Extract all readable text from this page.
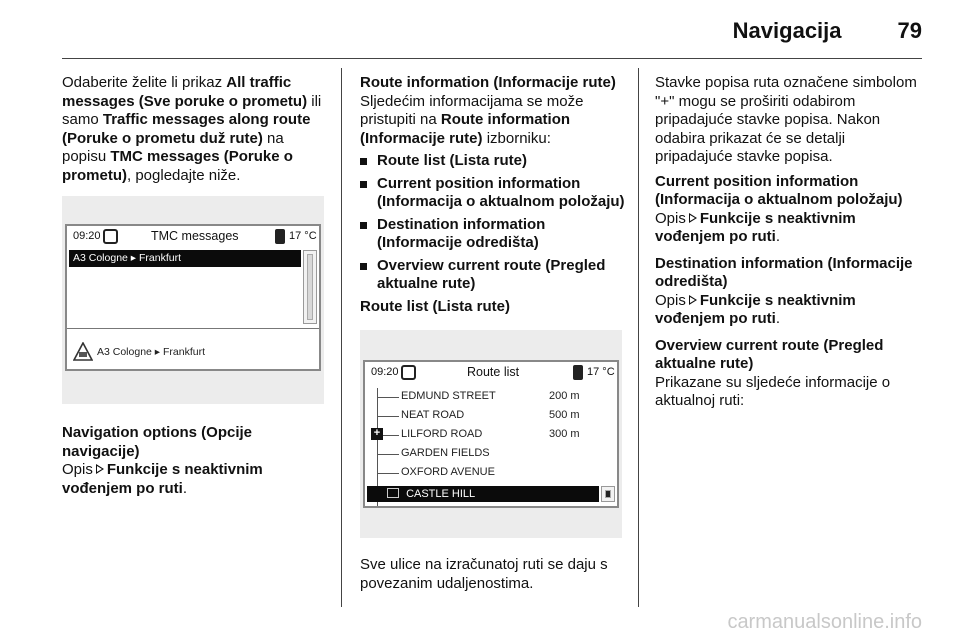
Navigacija	79

Odaberite želite li prikaz All traffic messages (Sve poruke o prometu) ili samo Traffic messages along route (Poruke o prometu duž rute) na popisu TMC messages (Poruke o prometu), pogledajte niže.

09:20	TMC messages	17 °C
A3 Cologne ▸ Frankfurt
A3 Cologne ▸ Frankfurt

Navigation options (Opcije navigacije)

Opis Funkcije s neaktivnim vođenjem po ruti.

Route information (Informacije rute)

Sljedećim informacijama se može pristupiti na Route information (Informacije rute) izborniku:

Route list (Lista rute)
Current position information (Informacija o aktualnom položaju)
Destination information (Informacije odredišta)
Overview current route (Pregled aktualne rute)

Route list (Lista rute)

09:20	Route list	17 °C
EDMUND STREET	200 m
NEAT ROAD	500 m
+ LILFORD ROAD	300 m
GARDEN FIELDS
OXFORD AVENUE
CASTLE HILL

Sve ulice na izračunatoj ruti se daju s povezanim udaljenostima.

Stavke popisa ruta označene simbolom "+" mogu se proširiti odabirom pripadajuće stavke popisa. Nakon odabira prikazat će se detalji pripadajuće stavke popisa.

Current position information (Informacija o aktualnom položaju)

Opis Funkcije s neaktivnim vođenjem po ruti.

Destination information (Informacije odredišta)

Opis Funkcije s neaktivnim vođenjem po ruti.

Overview current route (Pregled aktualne rute)

Prikazane su sljedeće informacije o aktualnoj ruti:

carmanualsonline.info
